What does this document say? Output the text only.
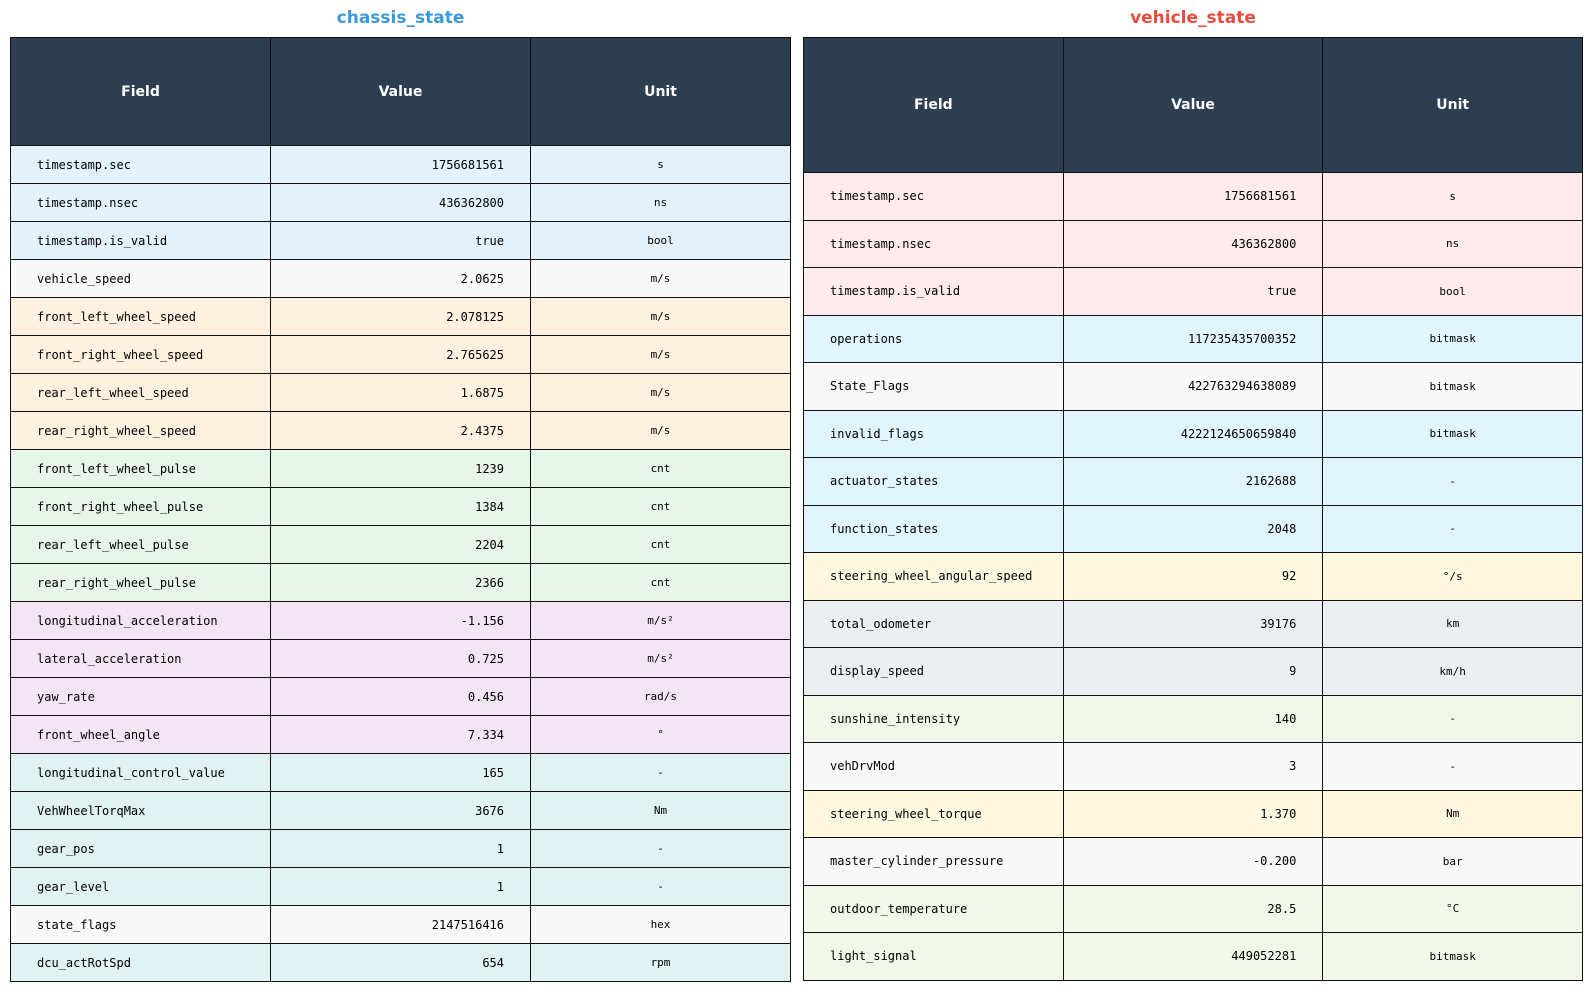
chassis_state
Field	Value	Unit
timestamp.sec	1756681561	s
timestamp.nsec	436362800	ns
timestamp.is_valid	true	bool
vehicle_speed	2.0625	m/s
front_left_wheel_speed	2.078125	m/s
front_right_wheel_speed	2.765625	m/s
rear_left_wheel_speed	1.6875	m/s
rear_right_wheel_speed	2.4375	m/s
front_left_wheel_pulse	1239	cnt
front_right_wheel_pulse	1384	cnt
rear_left_wheel_pulse	2204	cnt
rear_right_wheel_pulse	2366	cnt
longitudinal_acceleration	-1.156	m/s²
lateral_acceleration	0.725	m/s²
yaw_rate	0.456	rad/s
front_wheel_angle	7.334	°
longitudinal_control_value	165	-
VehWheelTorqMax	3676	Nm
gear_pos	1	-
gear_level	1	-
state_flags	2147516416	hex
dcu_actRotSpd	654	rpm
vehicle_state
Field	Value	Unit
timestamp.sec	1756681561	s
timestamp.nsec	436362800	ns
timestamp.is_valid	true	bool
operations	117235435700352	bitmask
State_Flags	422763294638089	bitmask
invalid_flags	4222124650659840	bitmask
actuator_states	2162688	-
function_states	2048	-
steering_wheel_angular_speed	92	°/s
total_odometer	39176	km
display_speed	9	km/h
sunshine_intensity	140	-
vehDrvMod	3	-
steering_wheel_torque	1.370	Nm
master_cylinder_pressure	-0.200	bar
outdoor_temperature	28.5	°C
light_signal	449052281	bitmask
